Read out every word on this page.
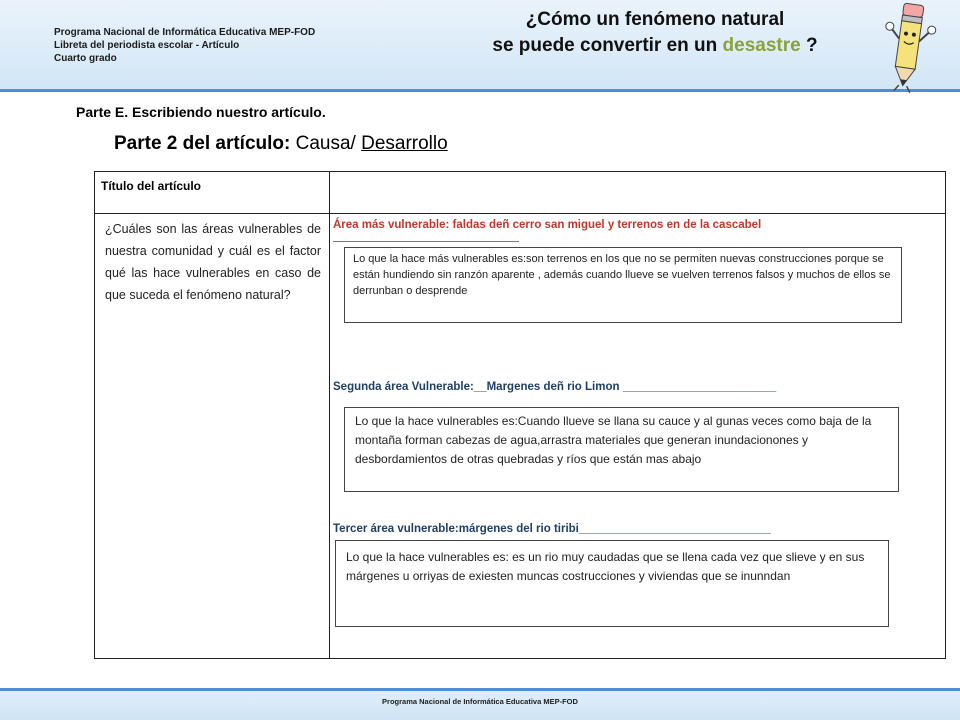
Programa Nacional de Informática Educativa MEP-FOD
Libreta del periodista escolar - Artículo
Cuarto grado
¿Cómo un fenómeno natural
se puede convertir en un desastre ?
Parte E. Escribiendo nuestro artículo.
Parte 2 del artículo: Causa/ Desarrollo
Título del artículo
¿Cuáles son las áreas vulnerables de nuestra comunidad y cuál es el factor qué las hace vulnerables en caso de que suceda el fenómeno natural?
Área más vulnerable: faldas deñ cerro san miguel y terrenos en de la cascabel
Lo que la hace más vulnerables es:son terrenos en los que no se permiten nuevas construcciones porque se están hundiendo sin ranzón aparente , además cuando llueve se vuelven terrenos falsos y muchos de ellos se derrunban o desprende
Segunda área Vulnerable:__Margenes deñ rio Limon ________________________
Lo que la hace vulnerables es:Cuando llueve se llana su cauce y al gunas veces como baja de la montaña forman cabezas de agua,arrastra materiales que generan inundacionones y desbordamientos de otras quebradas y ríos que están mas abajo
Tercer área vulnerable:márgenes del rio tiribi______________________________
Lo que la hace vulnerables es: es un rio muy caudadas que se llena cada vez que slieve y en sus márgenes u orriyas de exiesten muncas costrucciones y viviendas que se inunndan
Programa Nacional de Informática Educativa MEP-FOD
